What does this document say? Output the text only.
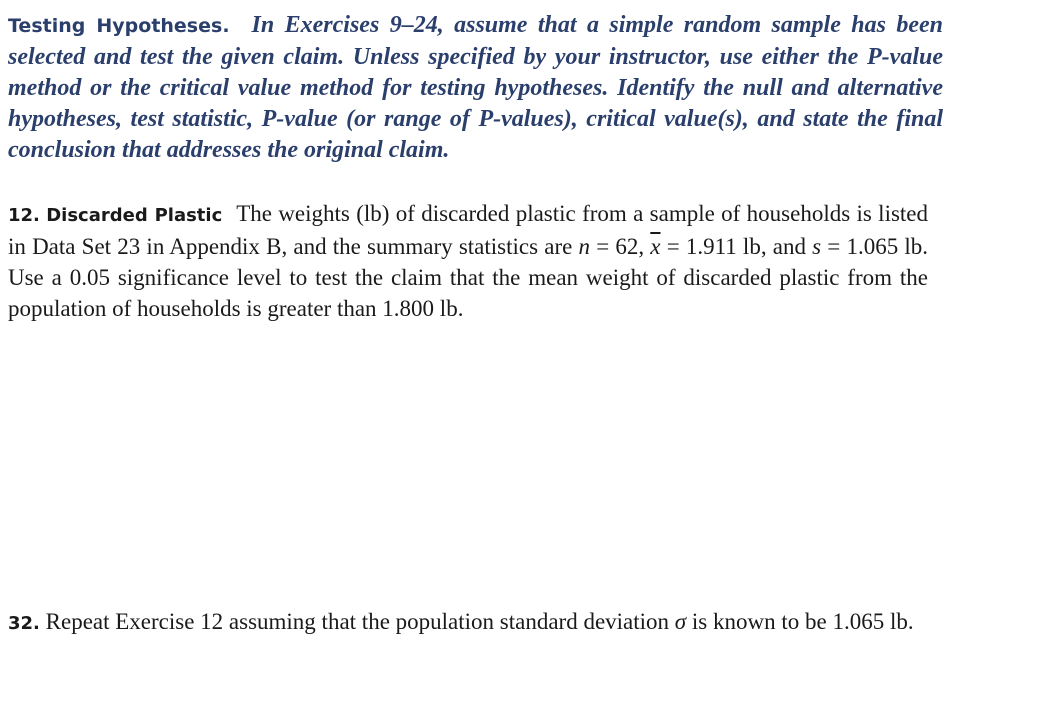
Testing Hypotheses. In Exercises 9–24, assume that a simple random sample has been selected and test the given claim. Unless specified by your instructor, use either the P-value method or the critical value method for testing hypotheses. Identify the null and alternative hypotheses, test statistic, P-value (or range of P-values), critical value(s), and state the final conclusion that addresses the original claim.
12. Discarded Plastic The weights (lb) of discarded plastic from a sample of households is listed in Data Set 23 in Appendix B, and the summary statistics are n = 62, $\overline{x} = 1.911$ lb, and s = 1.065 lb. Use a 0.05 significance level to test the claim that the mean weight of discarded plastic from the population of households is greater than 1.800 lb.
32. Repeat Exercise 12 assuming that the population standard deviation σ is known to be 1.065 lb.
